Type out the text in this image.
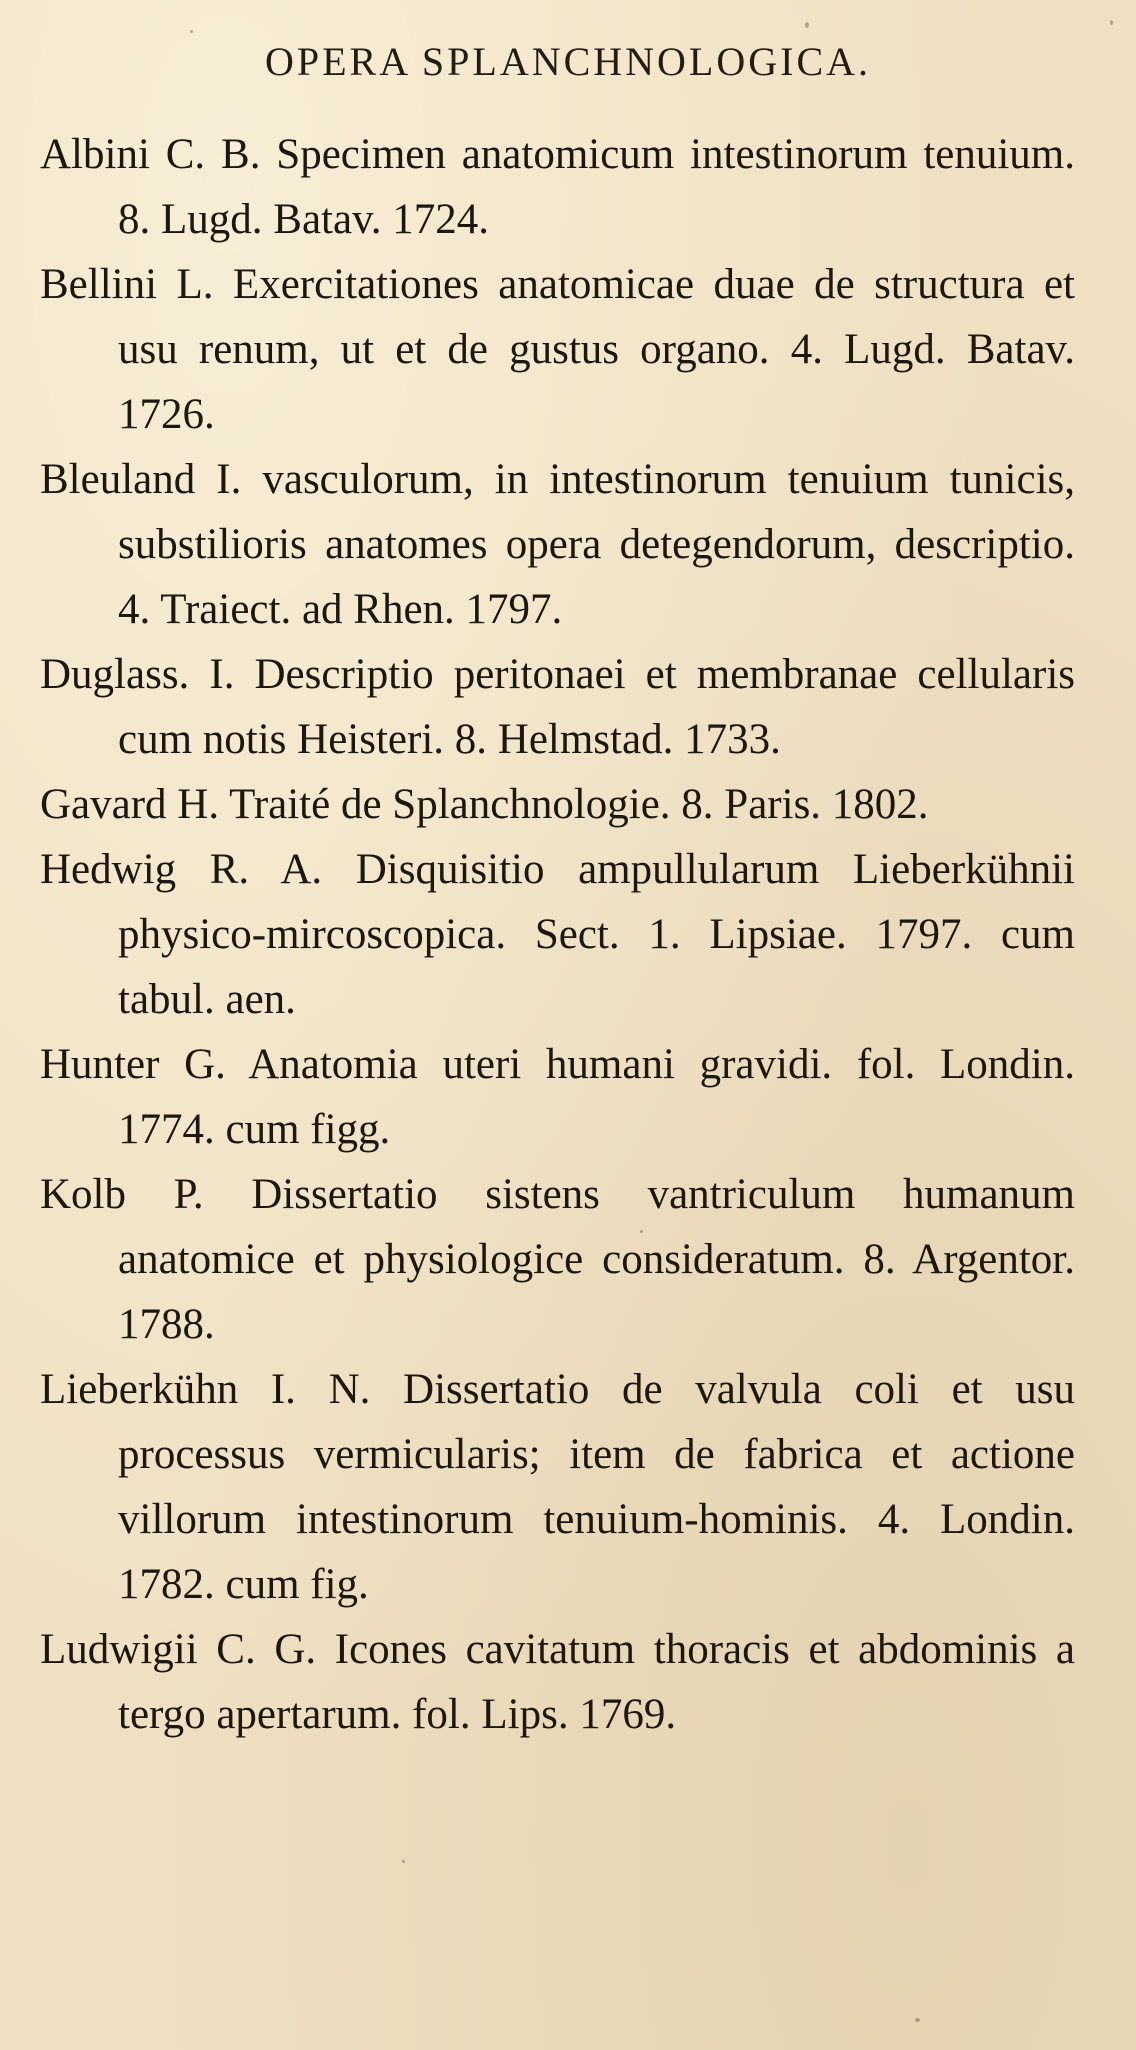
OPERA SPLANCHNOLOGICA.

Albini C. B. Specimen anatomicum intestinorum tenuium. 8. Lugd. Batav. 1724.

Bellini L. Exercitationes anatomicae duae de structura et usu renum, ut et de gustus organo. 4. Lugd. Batav. 1726.

Bleuland I. vasculorum, in intestinorum tenuium tunicis, substilioris anatomes opera detegendorum, descriptio. 4. Traiect. ad Rhen. 1797.

Duglass. I. Descriptio peritonaei et membranae cellularis cum notis Heisteri. 8. Helmstad. 1733.

Gavard H. Traité de Splanchnologie. 8. Paris. 1802.

Hedwig R. A. Disquisitio ampullularum Lieberkühnii physico-mircoscopica. Sect. 1. Lipsiae. 1797. cum tabul. aen.

Hunter G. Anatomia uteri humani gravidi. fol. Londin. 1774. cum figg.

Kolb P. Dissertatio sistens vantriculum humanum anatomice et physiologice consideratum. 8. Argentor. 1788.

Lieberkühn I. N. Dissertatio de valvula coli et usu processus vermicularis; item de fabrica et actione villorum intestinorum tenuium-hominis. 4. Londin. 1782. cum fig.

Ludwigii C. G. Icones cavitatum thoracis et abdominis a tergo apertarum. fol. Lips. 1769.
